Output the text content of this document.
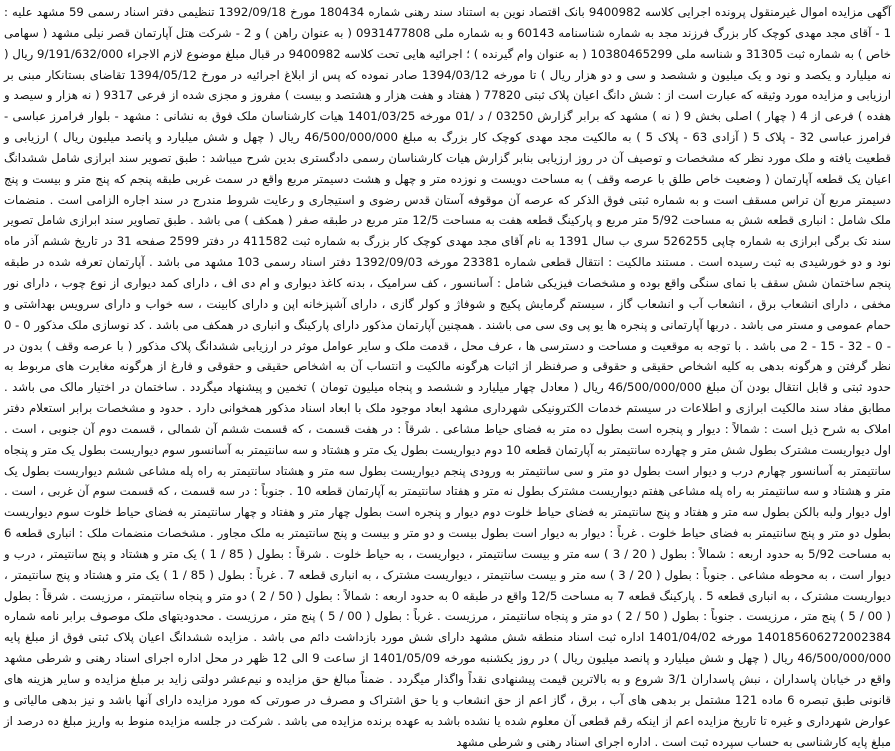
آگهی مزایده اموال غیرمنقول پرونده اجرایی کلاسه 9400982 بانک اقتصاد نوین به استناد سند رهنی شماره 180434 مورخ 1392/09/18 تنظیمی دفتر اسناد رسمی 59 مشهد علیه : 1 - آقای مجد مهدی کوچک کار بزرگ فرزند مجد به شماره شناسنامه 60143 و به شماره ملی 0931477808 ( به عنوان راهن ) و 2 - شرکت هتل آپارتمان قصر نیلی مشهد ( سهامی خاص ) به شماره ثبت 31305 و شناسه ملی 10380465299 ( به عنوان وام گیرنده ) ؛ اجرائیه هایی تحت کلاسه 9400982 در قبال مبلغ موضوع لازم الاجراء 9/191/632/000 ریال ( نه میلیارد و یکصد و نود و یک میلیون و ششصد و سی و دو هزار ریال ) تا مورخه 1394/03/12 صادر نموده که پس از ابلاغ اجرائیه در مورخ 1394/05/12 تقاضای بستانکار مبنی بر ارزیابی و مزایده مورد وثیقه که عبارت است از : شش دانگ اعیان پلاک ثبتی 77820 ( هفتاد و هفت هزار و هشتصد و بیست ) مفروز و مجزی شده از فرعی 9317 ( نه هزار و سیصد و هفده ) فرعی از 4 ( چهار ) اصلی بخش 9 ( نه ) مشهد که برابر گزارش 03250 / د /01 مورخه 1401/03/25 هیات کارشناسان ملک فوق به نشانی : مشهد - بلوار فرامرز عباسی - فرامرز عباسی 32 - پلاک 5 ( آزادی 63 - پلاک 5 ) به مالکیت مجد مهدی کوچک کار بزرگ به مبلغ 46/500/000/000 ریال ( چهل و شش میلیارد و پانصد میلیون ریال ) ارزیابی و قطعیت یافته و ملک مورد نظر که مشخصات و توصیف آن در روز ارزیابی بنابر گزارش هیات کارشناسان رسمی دادگستری بدین شرح میباشد : طبق تصویر سند ابرازی شامل ششدانگ اعیان یک قطعه آپارتمان ( وضعیت خاص طلق با عرصه وقف ) به مساحت دویست و نوزده متر و چهل و هشت دسیمتر مربع واقع در سمت غربی طبقه پنجم که پنج متر و بیست و پنج دسیمتر مربع آن تراس مسقف است و به شماره ثبتی فوق الذکر که عرصه آن موقوفه آستان قدس رضوی و استیجاری و رعایت شروط مندرج در سند اجاره الزامی است . منضمات ملک شامل : انباری قطعه شش به مساحت 5/92 متر مربع و پارکینگ قطعه هفت به مساحت 12/5 متر مربع در طبقه صفر ( همکف ) می باشد . طبق تصاویر سند ابرازی شامل تصویر سند تک برگی ابرازی به شماره چاپی 526255 سری ب سال 1391 به نام آقای مجد مهدی کوچک کار بزرگ به شماره ثبت 411582 در دفتر 2599 صفحه 31 در تاریخ ششم آذر ماه نود و دو خورشیدی به ثبت رسیده است . مستند مالکیت : انتقال قطعی شماره 23381 مورخه 1392/09/03 دفتر اسناد رسمی 103 مشهد می باشد . آپارتمان تعرفه شده در طبقه پنجم ساختمان شش سقف با نمای سنگی واقع بوده و مشخصات فیزیکی شامل : آسانسور ، کف سرامیک ، بدنه کاغذ دیواری و ام دی اف ، دارای کمد دیواری از نوع چوب ، دارای نور مخفی ، دارای انشعاب برق ، انشعاب آب و انشعاب گاز ، سیستم گرمایش پکیج و شوفاژ و کولر گازی ، دارای آشپزخانه اپن و دارای کابینت ، سه خواب و دارای سرویس بهداشتی و حمام عمومی و مستر می باشد . دربها آپارتمانی و پنجره ها یو پی وی سی می باشند . همچنین آپارتمان مذکور دارای پارکینگ و انباری در همکف می باشد . کد نوسازی ملک مذکور 0 - 0 - 0 - 32 - 15 - 2 می باشد . با توجه به موقعیت و مساحت و دسترسی ها ، عرف محل ، قدمت ملک و سایر عوامل موثر در ارزیابی ششدانگ پلاک مذکور ( با عرصه وقف ) بدون در نظر گرفتن و هرگونه بدهی به کلیه اشخاص حقیقی و حقوقی و صرفنظر از اثبات هرگونه مالکیت و انتساب آن به اشخاص حقیقی و حقوقی و فارغ از هرگونه مغایرت های مربوط به حدود ثبتی و قابل انتقال بودن آن مبلغ 46/500/000/000 ریال ( معادل چهار میلیارد و ششصد و پنجاه میلیون تومان ) تخمین و پیشنهاد میگردد . ساختمان در اختیار مالک می باشد . مطابق مفاد سند مالکیت ابرازی و اطلاعات در سیستم خدمات الکترونیکی شهرداری مشهد ابعاد موجود ملک با ابعاد اسناد مذکور همخوانی دارد . حدود و مشخصات برابر استعلام دفتر املاک به شرح ذیل است : شمالاً : دیوار و پنجره است بطول ده متر به فضای حیاط مشاعی . شرقاً : در هفت قسمت ، که قسمت ششم آن شمالی ، قسمت دوم آن جنوبی ، است . اول دیواریست مشترک بطول شش متر و چهارده سانتیمتر به آپارتمان قطعه 10 دوم دیواریست بطول یک متر و هشتاد و سه سانتیمتر به آسانسور سوم دیواریست بطول یک متر و پنجاه سانتیمتر به آسانسور چهارم درب و دیوار است بطول دو متر و سی سانتیمتر به ورودی پنجم دیواریست بطول سه متر و هشتاد سانتیمتر به راه پله مشاعی ششم دیواریست بطول یک متر و هشتاد و سه سانتیمتر به راه پله مشاعی هفتم دیواریست مشترک بطول نه متر و هفتاد سانتیمتر به آپارتمان قطعه 10 . جنوباً : در سه قسمت ، که قسمت سوم آن غربی ، است . اول دیوار ولبه بالکن بطول سه متر و هفتاد و پنج سانتیمتر به فضای حیاط خلوت دوم دیوار و پنجره است بطول چهار متر و هفتاد و چهار سانتیمتر به فضای حیاط خلوت سوم دیواریست بطول دو متر و پنج سانتیمتر به فضای حیاط خلوت . غرباً : دیوار به دیوار است بطول بیست و دو متر و بیست و پنج سانتیمتر به ملک مجاور . مشخصات منضمات ملک : انباری قطعه 6 به مساحت 5/92 به حدود اربعه : شمالاً : بطول ( 20 / 3 ) سه متر و بیست سانتیمتر ، دیواریست ، به حیاط خلوت . شرقاً : بطول ( 85 / 1 ) یک متر و هشتاد و پنج سانتیمتر ، درب و دیوار است ، به محوطه مشاعی . جنوباً : بطول ( 20 / 3 ) سه متر و بیست سانتیمتر ، دیواریست مشترک ، به انباری قطعه 7 . غرباً : بطول ( 85 / 1 ) یک متر و هشتاد و پنج سانتیمتر ، دیواریست مشترک ، به انباری قطعه 5 . پارکینگ قطعه 7 به مساحت 12/5 واقع در طبقه 0 به حدود اربعه : شمالاً : بطول ( 50 / 2 ) دو متر و پنجاه سانتیمتر ، مرزیست . شرقاً : بطول ( 00 / 5 ) پنج متر ، مرزیست . جنوباً : بطول ( 50 / 2 ) دو متر و پنجاه سانتیمتر ، مرزیست . غرباً : بطول ( 00 / 5 ) پنج متر ، مرزیست . محدودیتهای ملک موصوف برابر نامه شماره 140185606272002384 مورخه 1401/04/02 اداره ثبت اسناد منطقه شش مشهد دارای شش مورد بازداشت دائم می باشد . مزایده ششدانگ اعیان پلاک ثبتی فوق از مبلغ پایه 46/500/000/000 ریال ( چهل و شش میلیارد و پانصد میلیون ریال ) در روز یکشنبه مورخه 1401/05/09 از ساعت 9 الی 12 ظهر در محل اداره اجرای اسناد رهنی و شرطی مشهد واقع در خیابان پاسداران ، نبش پاسداران 3/1 شروع و به بالاترین قیمت پیشنهادی نقداً واگذار میگردد . ضمناً مبالغ حق مزایده و نیم‌عشر دولتی زاید بر مبلغ مزایده و سایر هزینه های قانونی طبق تبصره 6 ماده 121 مشتمل بر بدهی های آب ، برق ، گاز اعم از حق انشعاب و یا حق اشتراک و مصرف در صورتی که مورد مزایده دارای آنها باشد و نیز بدهی مالیاتی و عوارض شهرداری و غیره تا تاریخ مزایده اعم از اینکه رقم قطعی آن معلوم شده یا نشده باشد به عهده برنده مزایده می باشد . شرکت در جلسه مزایده منوط به واریز مبلغ ده درصد از مبلغ پایه کارشناسی به حساب سپرده ثبت است . اداره اجرای اسناد رهنی و شرطی مشهد
